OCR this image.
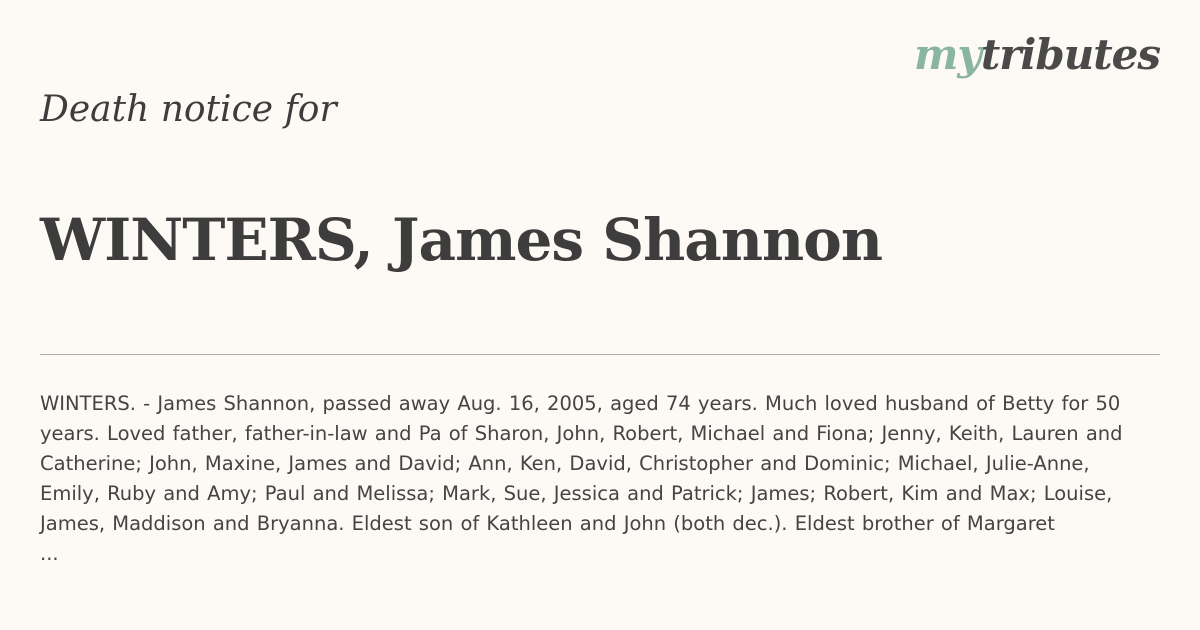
mytributes
Death notice for
WINTERS, James Shannon

WINTERS. - James Shannon, passed away Aug. 16, 2005, aged 74 years. Much loved husband of Betty for 50 years. Loved father, father-in-law and Pa of Sharon, John, Robert, Michael and Fiona; Jenny, Keith, Lauren and Catherine; John, Maxine, James and David; Ann, Ken, David, Christopher and Dominic; Michael, Julie-Anne, Emily, Ruby and Amy; Paul and Melissa; Mark, Sue, Jessica and Patrick; James; Robert, Kim and Max; Louise, James, Maddison and Bryanna. Eldest son of Kathleen and John (both dec.). Eldest brother of Margaret

...
